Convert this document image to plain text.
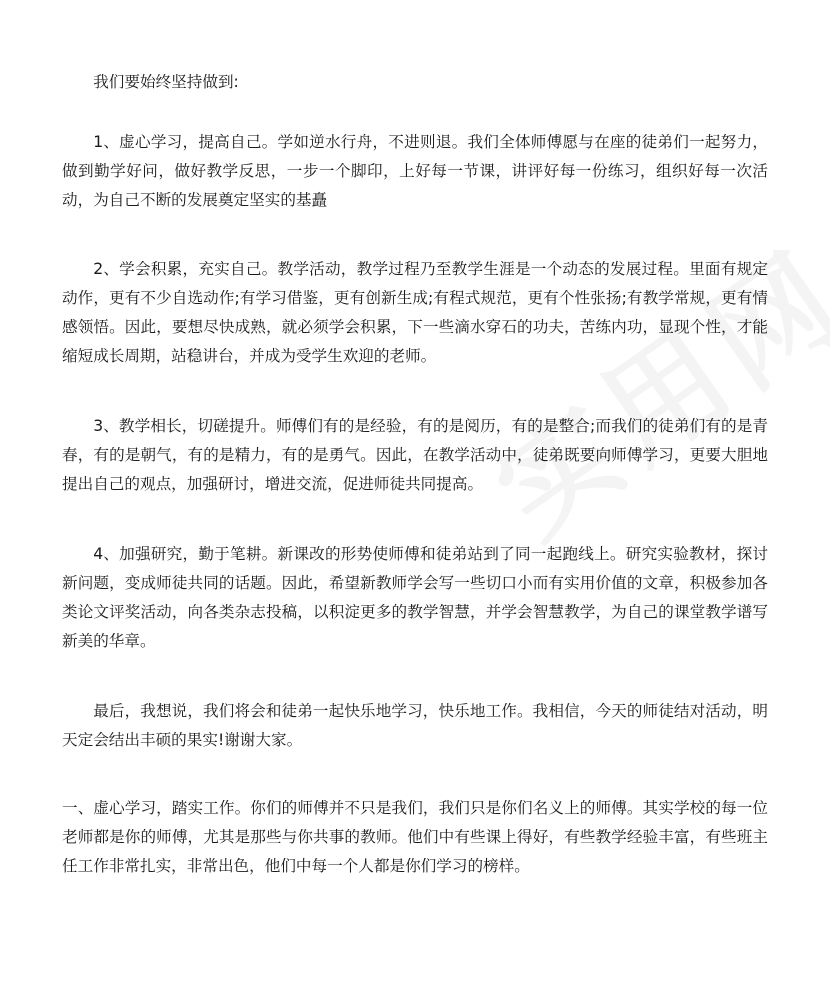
我们要始终坚持做到:

1、虚心学习，提高自己。学如逆水行舟，不进则退。我们全体师傅愿与在座的徒弟们一起努力，做到勤学好问，做好教学反思，一步一个脚印，上好每一节课，讲评好每一份练习，组织好每一次活动，为自己不断的发展奠定坚实的基矗

2、学会积累，充实自己。教学活动，教学过程乃至教学生涯是一个动态的发展过程。里面有规定动作，更有不少自选动作;有学习借鉴，更有创新生成;有程式规范，更有个性张扬;有教学常规，更有情感领悟。因此，要想尽快成熟，就必须学会积累，下一些滴水穿石的功夫，苦练内功，显现个性，才能缩短成长周期，站稳讲台，并成为受学生欢迎的老师。

3、教学相长，切磋提升。师傅们有的是经验，有的是阅历，有的是整合;而我们的徒弟们有的是青春，有的是朝气，有的是精力，有的是勇气。因此，在教学活动中，徒弟既要向师傅学习，更要大胆地提出自己的观点，加强研讨，增进交流，促进师徒共同提高。

4、加强研究，勤于笔耕。新课改的形势使师傅和徒弟站到了同一起跑线上。研究实验教材，探讨新问题，变成师徒共同的话题。因此，希望新教师学会写一些切口小而有实用价值的文章，积极参加各类论文评奖活动，向各类杂志投稿，以积淀更多的教学智慧，并学会智慧教学，为自己的课堂教学谱写新美的华章。

最后，我想说，我们将会和徒弟一起快乐地学习，快乐地工作。我相信，今天的师徒结对活动，明天定会结出丰硕的果实!谢谢大家。

一、虚心学习，踏实工作。你们的师傅并不只是我们，我们只是你们名义上的师傅。其实学校的每一位老师都是你的师傅，尤其是那些与你共事的教师。他们中有些课上得好，有些教学经验丰富，有些班主任工作非常扎实，非常出色，他们中每一个人都是你们学习的榜样。
